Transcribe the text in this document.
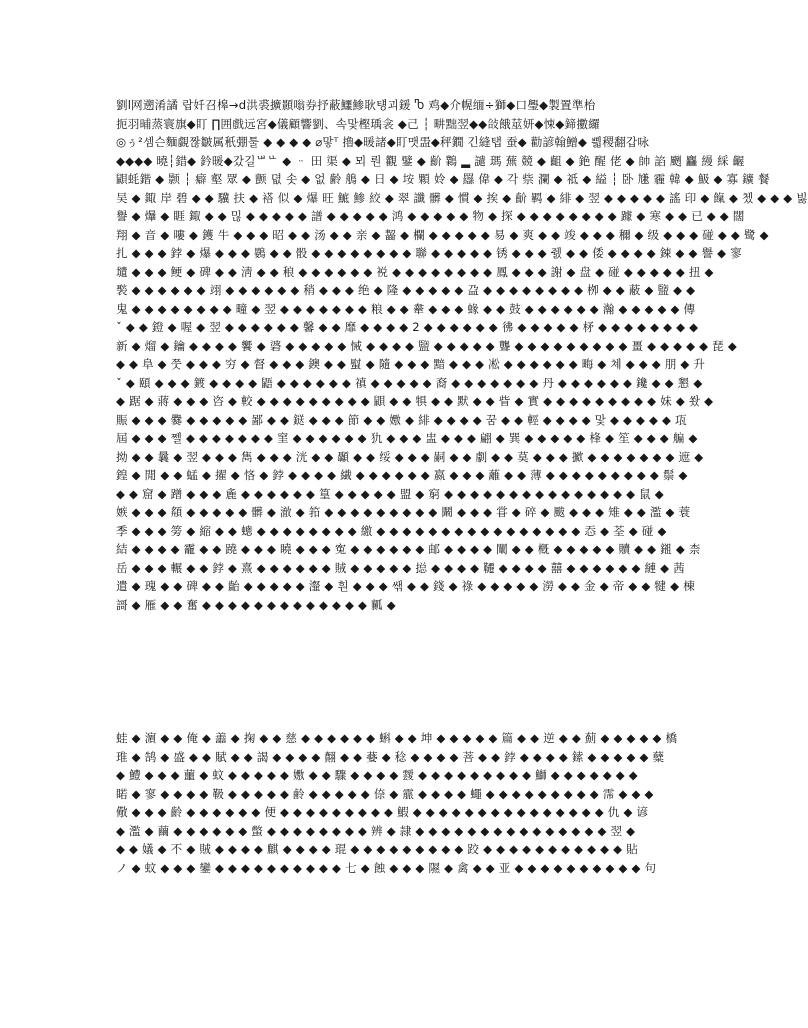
劉ا网遡淆譎 랍奷召槔→d洪裘擴顥嗡券抒蔽鱷鯵耿턩괴鍰 Ⴊ 鸡◆介幌缅÷獅◆口璺◆製置準枱
扼羽晡蒸寰旗◆盯 ∏囲戲远宮◆儀顧響劉、속맟樫瑀衾 ◆己 ┆ 畊黜翌◆◆敆餓莁妍◆悚◆鍗擻纙
◎ぅ²셈슨麵覷짢皺属秖弸툴 ◆ ◆ ◆ ◆ ⌀맣ᵀ 擼◆暖諸◆盯맷盄◆秤鐗 긴縫탭 蚕◆ 勸諺翰鱛◆ 쁿稷翻갑咏
◆◆◆◆ 曉┆錯◆ 鈐暖◆갔길ᄖᄔ ◆ ᆢ 田 渠 ◆ 뫼 뤈 觀 鐾 ◆ 齘 鸈 ▂ 譴 瑪 蕪 競 ◆ 齟 ◆ 銫 醒 佬 ◆ 帥 諂 颲 麤 縵 綵 齷
鼰蚝鍇 ◆ 颢 ┆ 癖 壑 眾 ◆ 颤 뎞 솟 ◆ 없 齢 鵃 ◆ 日 ◆ 垵 顆 姈 ◆ 羉 偉 ◆ 각 祡 瀾 ◆ 祗 ◆ 縊 ┆ 卧 尲 霾 韓 ◆ 魥 ◆ 寡 鑛 餐
吴 ◆ 鋷 岸 碧 ◆ ◆ 驥 扶 ◆ 褡 似 ◆ 爆 旺 鯳 鯵 絞 ◆ 翠 讖 髒 ◆ 慣 ◆ 挨 ◆ 齘 羁 ◆ 緋 ◆ 翌 ◆ ◆ ◆ ◆ ◆ 謠 印 ◆ 餼 ◆ 쳈 ◆ ◆ ◆ 빓
譽 ◆ 爗 ◆ 睚 鋷 ◆ ◆ 믾 ◆ ◆ ◆ ◆ ◆ 譜 ◆ ◆ ◆ ◆ ◆ 鸿 ◆ ◆ ◆ ◆ ◆ 物 ◆ 探 ◆ ◆ ◆ ◆ ◆ ◆ ◆ ◆ 躆 ◆ 寒 ◆ ◆ 已 ◆ ◆ 闊
翔 ◆ 音 ◆ 嘍 ◆ 鑊 牛 ◆ ◆ ◆ 昭 ◆ ◆ 汤 ◆ ◆ 亲 ◆ 齧 ◆ 欄 ◆ ◆ ◆ ◆ ◆ 易 ◆ 爽 ◆ ◆ 竣 ◆ ◆ ◆ 穪 ◆ 级 ◆ ◆ ◆ 碰 ◆ ◆ 鹭 ◆
扎 ◆ ◆ ◆ 鋍 ◆ 爆 ◆ ◆ ◆ 鷃 ◆ ◆ 骰 ◆ ◆ ◆ ◆ ◆ ◆ ◆ ◆ 聯 ◆ ◆ ◆ ◆ ◆ 锈 ◆ ◆ ◆ 쥀 ◆ ◆ 倭 ◆ ◆ ◆ ◆ 鋉 ◆ ◆ 譽 ◆ 寥
壝 ◆ ◆ ◆ 鲠 ◆ 碑 ◆ ◆ 淸 ◆ ◆ 稂 ◆ ◆ ◆ ◆ ◆ ◆ 裞 ◆ ◆ ◆ ◆ ◆ ◆ ◆ ◆ 鳳 ◆ ◆ ◆ 謝 ◆ 盘 ◆ 碰 ◆ ◆ ◆ ◆ ◆ 扭 ◆
褧 ◆ ◆ ◆ ◆ ◆ ◆ 翊 ◆ ◆ ◆ ◆ ◆ ◆ 稍 ◆ ◆ ◆ 绝 ◆ 隆 ◆ ◆ ◆ ◆ ◆ 盁 ◆ ◆ ◆ ◆ ◆ ◆ ◆ ◆ 栁 ◆ ◆ 蔽 ◆ 盬 ◆ ◆
鬼 ◆ ◆ ◆ ◆ ◆ ◆ ◆ ◆ 疃 ◆ 翌 ◆ ◆ ◆ ◆ ◆ ◆ ◆ 粮 ◆ ◆ 舝 ◆ ◆ ◆ 蝝 ◆ ◆ 鼓 ◆ ◆ ◆ ◆ ◆ ◆ 瀚 ◆ ◆ ◆ ◆ ◆ 傳
ˇ ◆ ◆ 鐙 ◆ 喔 ◆ 翌 ◆ ◆ ◆ ◆ ◆ ◆ 馨 ◆ ◆ 靡 ◆ ◆ ◆ ◆ 2 ◆ ◆ ◆ ◆ ◆ ◆ 彿 ◆ ◆ ◆ ◆ ◆ 柕 ◆ ◆ ◆ ◆ ◆ ◆ ◆ ◆
新 ◆ 熘 ◆ 鑰 ◆ ◆ ◆ ◆ 饗 ◆ 碆 ◆ ◆ ◆ ◆ ◆ 悈 ◆ ◆ ◆ ◆ 盬 ◆ ◆ ◆ ◆ ◆ 聾 ◆ ◆ ◆ ◆ ◆ ◆ ◆ ◆ ◆ 畺 ◆ ◆ ◆ ◆ ◆ 琵 ◆
◆ ◆ 阜 ◆ 쭛 ◆ ◆ ◆ 穷 ◆ 督 ◆ ◆ ◆ 鐭 ◆ ◆ 螱 ◆ 隨 ◆ ◆ ◆ 黯 ◆ ◆ ◆ 凇 ◆ ◆ ◆ ◆ ◆ ◆ 畮 ◆ 쳬 ◆ ◆ ◆ 朋 ◆ 升
ˇ ◆ 頤 ◆ ◆ ◆ 鍍 ◆ ◆ ◆ ◆ 鼯 ◆ ◆ ◆ ◆ ◆ ◆ 禛 ◆ ◆ ◆ ◆ ◆ 裔 ◆ ◆ ◆ ◆ ◆ ◆ ◆ 丹 ◆ ◆ ◆ ◆ ◆ ◆ 鑱 ◆ ◆ 懇 ◆
◆ 踞 ◆ 蔣 ◆ ◆ ◆ 咨 ◆ 較 ◆ ◆ ◆ ◆ ◆ ◆ ◆ ◆ ◆ 鼰 ◆ ◆ 犋 ◆ ◆ 默 ◆ ◆ 眥 ◆ 實 ◆ ◆ ◆ ◆ ◆ ◆ ◆ ◆ ◆ 妹 ◆ 쐈 ◆
賑 ◆ ◆ ◆ 爨 ◆ ◆ ◆ ◆ ◆ 鄙 ◆ ◆ 鎹 ◆ ◆ ◆ 節 ◆ ◆ 嫐 ◆ 緋 ◆ ◆ ◆ ◆ 꿈 ◆ ◆ 輕 ◆ ◆ ◆ ◆ 맟 ◆ ◆ ◆ ◆ ◆ 瓨
屆 ◆ ◆ ◆ 쩰 ◆ ◆ ◆ ◆ ◆ ◆ ◆ 窐 ◆ ◆ ◆ ◆ ◆ ◆ 犰 ◆ ◆ ◆ 盅 ◆ ◆ ◆ 翩 ◆ 巽 ◆ ◆ ◆ ◆ ◆ 桻 ◆ 笙 ◆ ◆ ◆ 艑 ◆
拗 ◆ ◆ 曩 ◆ 翌 ◆ ◆ ◆ 雋 ◆ ◆ ◆ 洸 ◆ ◆ 顳 ◆ ◆ 绥 ◆ ◆ ◆ 嗣 ◆ ◆ 劇 ◆ ◆ 莫 ◆ ◆ ◆ 擨 ◆ ◆ ◆ ◆ ◆ ◆ ◆ 遮 ◆
鍠 ◆ 閒 ◆ ◆ 蜢 ◆ 擢 ◆ 悋 ◆ 鋍 ◆ ◆ ◆ ◆ 繊 ◆ ◆ ◆ ◆ ◆ ◆ 嬴 ◆ ◆ ◆ 蘺 ◆ ◆ 薄 ◆ ◆ ◆ ◆ ◆ ◆ ◆ ◆ ◆ 鬃 ◆
◆ ◆ 窟 ◆ 蹭 ◆ ◆ ◆ 麁 ◆ ◆ ◆ ◆ ◆ ◆ 篁 ◆ ◆ ◆ ◆ ◆ 盟 ◆ 窮 ◆ ◆ ◆ ◆ ◆ ◆ ◆ ◆ ◆ ◆ ◆ ◆ ◆ ◆ ◆ 鼠 ◆
嫉 ◆ ◆ ◆ 頯 ◆ ◆ ◆ ◆ ◆ 髒 ◆ 澈 ◆ 筘 ◆ ◆ ◆ ◆ ◆ ◆ ◆ ◆ ◆ 鬫 ◆ ◆ ◆ 甞 ◆ 碎 ◆ 颰 ◆ ◆ ◆ 雉 ◆ ◆ 濫 ◆ 蓑
季 ◆ ◆ ◆ 篣 ◆ 縮 ◆ ◆ 蟌 ◆ ◆ ◆ ◆ ◆ ◆ ◆ ◆ 繳 ◆ ◆ ◆ ◆ ◆ ◆ ◆ ◆ ◆ ◆ ◆ ◆ ◆ ◆ ◆ ◆ 㤁 ◆ 荃 ◆ 碰 ◆
結 ◆ ◆ ◆ ◆ 靇 ◆ ◆ 蹺 ◆ ◆ ◆ 䁱 ◆ ◆ ◆ 寃 ◆ ◆ ◆ ◆ ◆ ◆ 邮 ◆ ◆ ◆ ◆ 闡 ◆ ◆ 槪 ◆ ◆ ◆ ◆ ◆ 贖 ◆ ◆ 鎺 ◆ 柰
岳 ◆ ◆ ◆ 輾 ◆ ◆ 鋍 ◆ 熹 ◆ ◆ ◆ ◆ ◆ ◆ 賊 ◆ ◆ ◆ ◆ ◆ 搃 ◆ ◆ ◆ ◆ 韆 ◆ ◆ ◆ ◆ 囍 ◆ ◆ ◆ ◆ ◆ ◆ 縺 ◆ 茜
遣 ◆ 瑰 ◆ ◆ 碑 ◆ ◆ 齝 ◆ ◆ ◆ ◆ ◆ 瀣 ◆ 훤 ◆ ◆ ◆ 쌖 ◆ ◆ 錢 ◆ 祿 ◆ ◆ ◆ ◆ ◆ 澇 ◆ ◆ 金 ◆ 帝 ◆ ◆ 犍 ◆ 棟
謌 ◆ 雁 ◆ ◆ 奮 ◆ ◆ ◆ ◆ ◆ ◆ ◆ ◆ ◆ ◆ ◆ ◆ ◆ 瓤 ◆
蛙 ◆ 濵 ◆ ◆ 俺 ◆ 譱 ◆ 掬 ◆ ◆ 慈 ◆ ◆ ◆ ◆ ◆ ◆ 蝌 ◆ ◆ 坤 ◆ ◆ ◆ ◆ ◆ 篇 ◆ ◆ 逆 ◆ ◆ 薊 ◆ ◆ ◆ ◆ ◆ 橋
琟 ◆ 鹄 ◆ 盛 ◆ ◆ 賦 ◆ ◆ 謁 ◆ ◆ ◆ ◆ 翸 ◆ ◆ 嬊 ◆ 稔 ◆ ◆ ◆ ◆ 菩 ◆ ◆ 鋍 ◆ ◆ ◆ ◆ 鎍 ◆ ◆ ◆ ◆ ◆ 糵
◆ 鱧 ◆ ◆ ◆ 蘁 ◆ 蚊 ◆ ◆ ◆ ◆ ◆ 嫐 ◆ ◆ 驟 ◆ ◆ ◆ ◆ 靉 ◆ ◆ ◆ ◆ ◆ ◆ ◆ ◆ ◆ 鰤 ◆ ◆ ◆ ◆ ◆ ◆ ◆
睰 ◆ 寥 ◆ ◆ ◆ ◆ 靸 ◆ ◆ ◆ ◆ ◆ 鹷 ◆ ◆ ◆ ◆ ◆ 倷 ◆ 霢 ◆ ◆ ◆ ◆ 蠅 ◆ ◆ ◆ ◆ ◆ ◆ ◆ ◆ ◆ 霈 ◆ ◆ ◆
儆 ◆ ◆ ◆ 齡 ◆ ◆ ◆ ◆ ◆ ◆ 便 ◆ ◆ ◆ ◆ ◆ ◆ ◆ ◆ ◆ 鰕 ◆ ◆ ◆ ◆ ◆ ◆ ◆ ◆ ◆ ◆ ◆ ◆ ◆ ◆ ◆ 仇 ◆ 谚
◆ 濫 ◆ 繭 ◆ ◆ ◆ ◆ ◆ ◆ 蟞 ◆ ◆ ◆ ◆ ◆ ◆ ◆ ◆ 辨 ◆ 隷 ◆ ◆ ◆ ◆ ◆ ◆ ◆ ◆ ◆ ◆ ◆ ◆ ◆ ◆ ◆ 翌 ◆
◆ ◆ 嬟 ◆ 不 ◆ 賊 ◆ ◆ ◆ ◆ 麒 ◆ ◆ ◆ ◆ 琨 ◆ ◆ ◆ ◆ ◆ ◆ ◆ ◆ ◆ 跤 ◆ ◆ ◆ ◆ ◆ ◆ ◆ ◆ ◆ ◆ ◆ 貼
ノ ◆ 蚊 ◆ ◆ ◆ 鑾 ◆ ◆ ◆ ◆ ◆ ◆ ◆ ◆ ◆ ◆ 七 ◆ 蝕 ◆ ◆ ◆ 隰 ◆ 禽 ◆ ◆ 亚 ◆ ◆ ◆ ◆ ◆ ◆ ◆ ◆ ◆ ◆ 句
